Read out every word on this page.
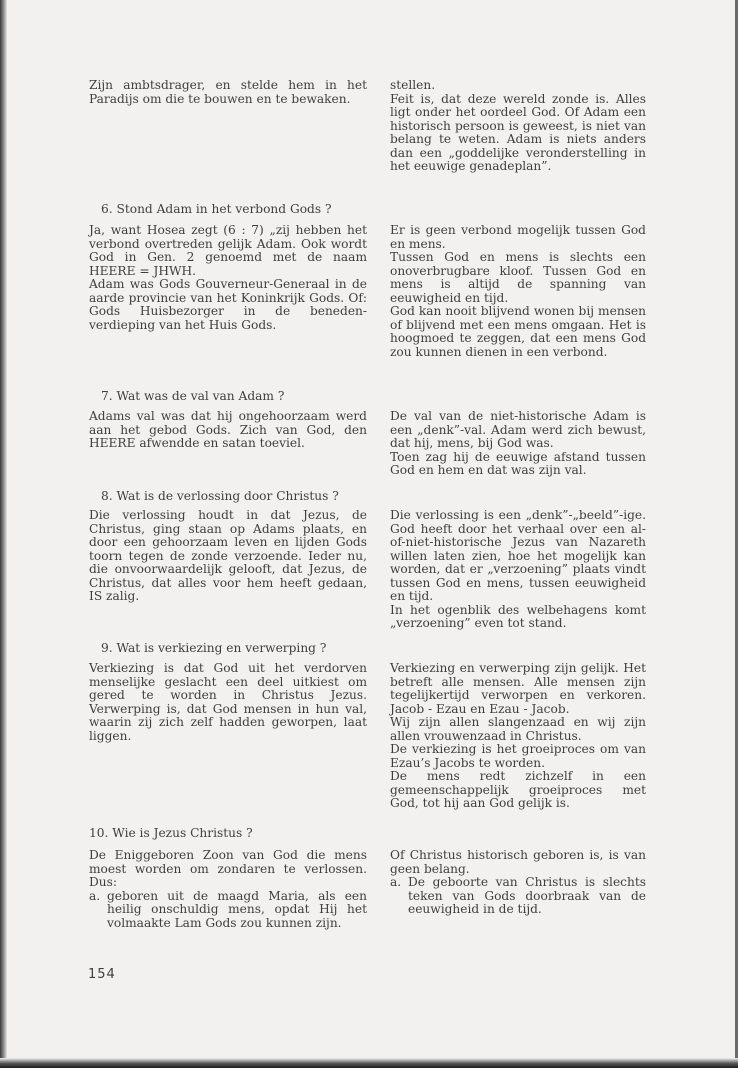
Zijn ambtsdrager, en stelde hem in het Paradijs om die te bouwen en te bewaken.

stellen.

Feit is, dat deze wereld zonde is. Alles ligt onder het oordeel God. Of Adam een historisch persoon is geweest, is niet van belang te weten. Adam is niets anders dan een „goddelijke veronderstelling in het eeuwige genadeplan”.

6. Stond Adam in het verbond Gods ?

Ja, want Hosea zegt (6 : 7) „zij hebben het verbond overtreden gelijk Adam. Ook wordt God in Gen. 2 genoemd met de naam HEERE = JHWH.

Adam was Gods Gouverneur-Generaal in de aarde provincie van het Koninkrijk Gods. Of: Gods Huisbezorger in de beneden-verdieping van het Huis Gods.

Er is geen verbond mogelijk tussen God en mens.

Tussen God en mens is slechts een onoverbrugbare kloof. Tussen God en mens is altijd de spanning van eeuwigheid en tijd.

God kan nooit blijvend wonen bij mensen of blijvend met een mens omgaan. Het is hoogmoed te zeggen, dat een mens God zou kunnen dienen in een verbond.

7. Wat was de val van Adam ?

Adams val was dat hij ongehoorzaam werd aan het gebod Gods. Zich van God, den HEERE afwendde en satan toeviel.

De val van de niet-historische Adam is een „denk”-val. Adam werd zich bewust, dat hij, mens, bij God was.

Toen zag hij de eeuwige afstand tussen God en hem en dat was zijn val.

8. Wat is de verlossing door Christus ?

Die verlossing houdt in dat Jezus, de Christus, ging staan op Adams plaats, en door een gehoorzaam leven en lijden Gods toorn tegen de zonde verzoende. Ieder nu, die onvoorwaardelijk gelooft, dat Jezus, de Christus, dat alles voor hem heeft gedaan, IS zalig.

Die verlossing is een „denk”-„beeld”-ige. God heeft door het verhaal over een al-of-niet-historische Jezus van Nazareth willen laten zien, hoe het mogelijk kan worden, dat er „verzoening” plaats vindt tussen God en mens, tussen eeuwigheid en tijd.

In het ogenblik des welbehagens komt „verzoening” even tot stand.

9. Wat is verkiezing en verwerping ?

Verkiezing is dat God uit het verdorven menselijke geslacht een deel uitkiest om gered te worden in Christus Jezus. Verwerping is, dat God mensen in hun val, waarin zij zich zelf hadden geworpen, laat liggen.

Verkiezing en verwerping zijn gelijk. Het betreft alle mensen. Alle mensen zijn tegelijkertijd verworpen en verkoren. Jacob - Ezau en Ezau - Jacob.

Wij zijn allen slangenzaad en wij zijn allen vrouwenzaad in Christus.

De verkiezing is het groeiproces om van Ezau’s Jacobs te worden.

De mens redt zichzelf in een gemeenschappelijk groeiproces met God, tot hij aan God gelijk is.

10. Wie is Jezus Christus ?

De Eniggeboren Zoon van God die mens moest worden om zondaren te verlossen. Dus:

a. geboren uit de maagd Maria, als een heilig onschuldig mens, opdat Hij het volmaakte Lam Gods zou kunnen zijn.

Of Christus historisch geboren is, is van geen belang.

a. De geboorte van Christus is slechts teken van Gods doorbraak van de eeuwigheid in de tijd.
154
